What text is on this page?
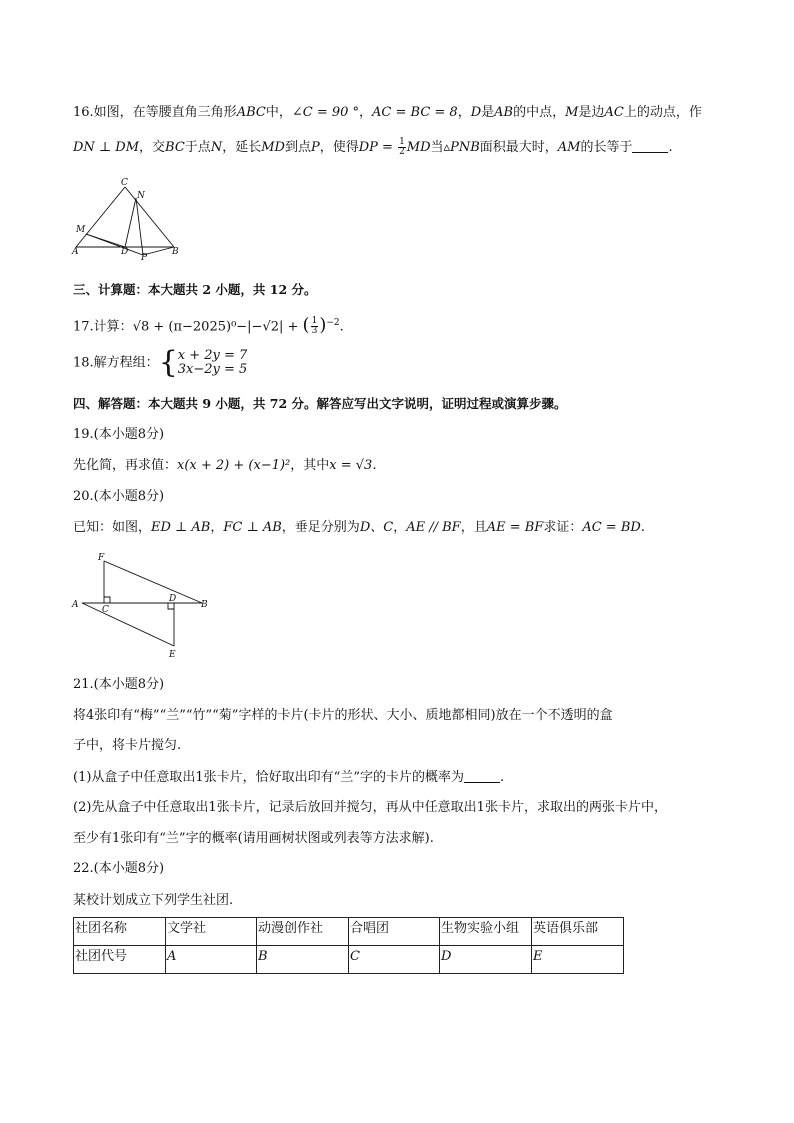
16.如图，在等腰直角三角形ABC中，∠C = 90 °，AC = BC = 8，D是AB的中点，M是边AC上的动点，作
DN ⊥ DM，交BC于点N，延长MD到点P，使得DP = $\frac{1}{2}$ MD当▵PNB面积最大时，AM的长等于	.
C
N
M
A	D
P
B
三、计算题：本大题共 2 小题，共 12 分。
17.计算：√8 + (π−2025)⁰−|−√2| + ( $\frac{1}{3} )^{-2}$.
18.解方程组：{ x + 2y = 7
3x−2y = 5
四、解答题：本大题共 9 小题，共 72 分。解答应写出文字说明，证明过程或演算步骤。
19.(本小题8分)
先化简，再求值：x(x + 2) + (x−1)²，其中x = √3.
20.(本小题8分)
已知：如图，ED ⊥ AB，FC ⊥ AB，垂足分别为D、C，AE // BF，且AE = BF求证：AC = BD.
F
A	C
D
B
E
21.(本小题8分)
将4张印有“梅”“兰”“竹”“菊”字样的卡片(卡片的形状、大小、质地都相同)放在一个不透明的盒
子中，将卡片搅匀.
(1)从盒子中任意取出1张卡片，恰好取出印有“兰”字的卡片的概率为	.
(2)先从盒子中任意取出1张卡片，记录后放回并搅匀，再从中任意取出1张卡片，求取出的两张卡片中，
至少有1张印有“兰”字的概率(请用画树状图或列表等方法求解).
22.(本小题8分)
某校计划成立下列学生社团.
社团名称	文学社	动漫创作社	合唱团	生物实验小组	英语俱乐部
社团代号	A	B	C	D	E
